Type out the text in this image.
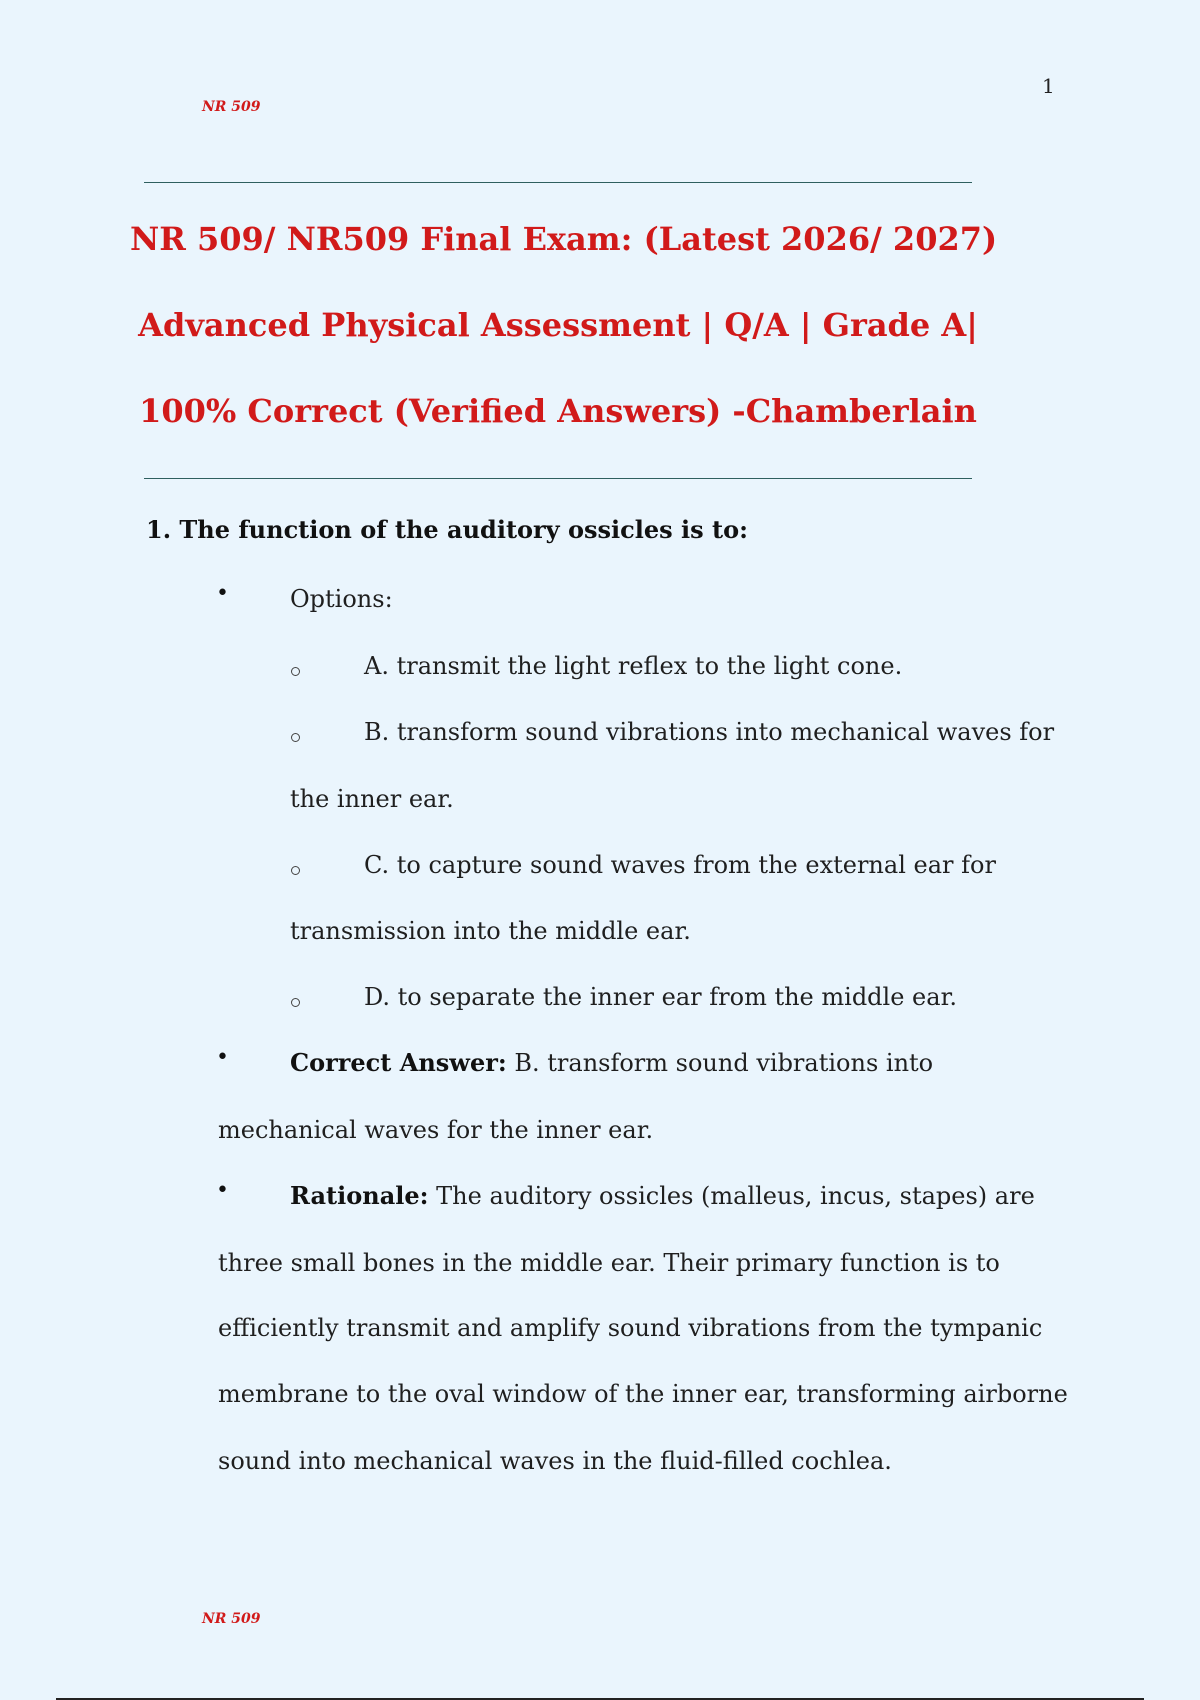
NR 509
1
NR 509/ NR509 Final Exam: (Latest 2026/ 2027)
Advanced Physical Assessment | Q/A | Grade A|
100% Correct (Verified Answers) -Chamberlain
1. The function of the auditory ossicles is to:
•	Options:
A. transmit the light reflex to the light cone.
B. transform sound vibrations into mechanical waves for
the inner ear.
C. to capture sound waves from the external ear for
transmission into the middle ear.
D. to separate the inner ear from the middle ear.
•	Correct Answer: B. transform sound vibrations into
mechanical waves for the inner ear.
•	Rationale: The auditory ossicles (malleus, incus, stapes) are
three small bones in the middle ear. Their primary function is to
efficiently transmit and amplify sound vibrations from the tympanic
membrane to the oval window of the inner ear, transforming airborne
sound into mechanical waves in the fluid-filled cochlea.
NR 509
